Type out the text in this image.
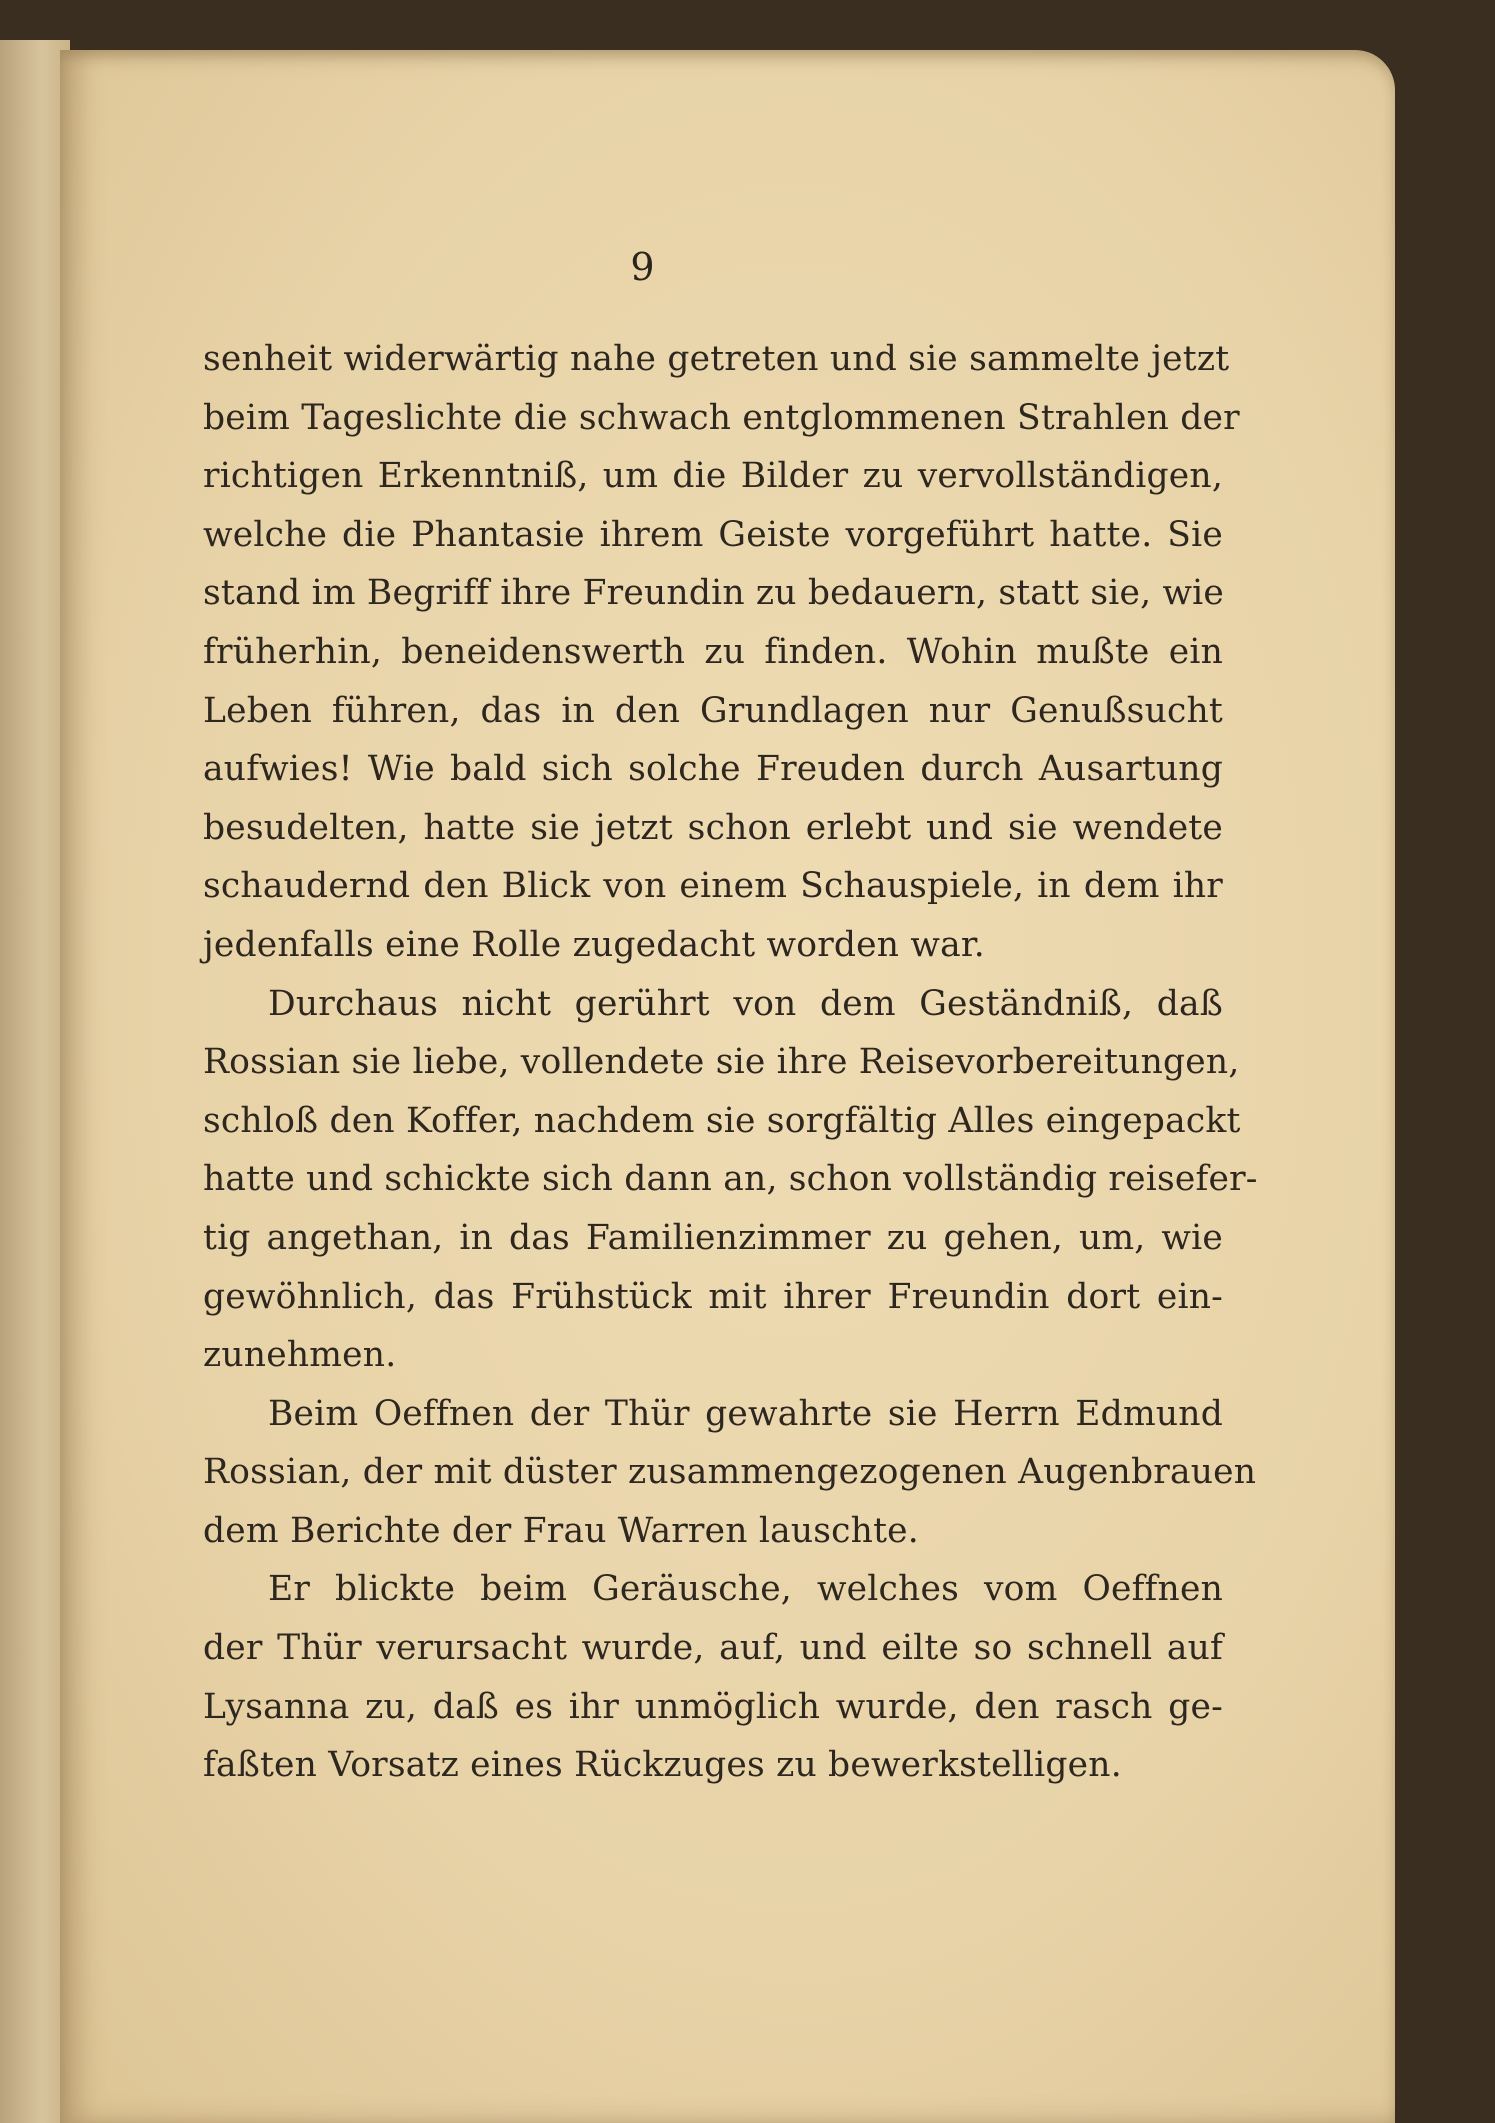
9
senheit widerwärtig nahe getreten und sie sammelte jetzt
beim Tageslichte die schwach entglommenen Strahlen der
richtigen Erkenntniß, um die Bilder zu vervollständigen,
welche die Phantasie ihrem Geiste vorgeführt hatte. Sie
stand im Begriff ihre Freundin zu bedauern, statt sie, wie
früherhin, beneidenswerth zu finden. Wohin mußte ein
Leben führen, das in den Grundlagen nur Genußsucht
aufwies! Wie bald sich solche Freuden durch Ausartung
besudelten, hatte sie jetzt schon erlebt und sie wendete
schaudernd den Blick von einem Schauspiele, in dem ihr
jedenfalls eine Rolle zugedacht worden war.
Durchaus nicht gerührt von dem Geständniß, daß
Rossian sie liebe, vollendete sie ihre Reisevorbereitungen,
schloß den Koffer, nachdem sie sorgfältig Alles eingepackt
hatte und schickte sich dann an, schon vollständig reisefer-
tig angethan, in das Familienzimmer zu gehen, um, wie
gewöhnlich, das Frühstück mit ihrer Freundin dort ein-
zunehmen.
Beim Oeffnen der Thür gewahrte sie Herrn Edmund
Rossian, der mit düster zusammengezogenen Augenbrauen
dem Berichte der Frau Warren lauschte.
Er blickte beim Geräusche, welches vom Oeffnen
der Thür verursacht wurde, auf, und eilte so schnell auf
Lysanna zu, daß es ihr unmöglich wurde, den rasch ge-
faßten Vorsatz eines Rückzuges zu bewerkstelligen.
